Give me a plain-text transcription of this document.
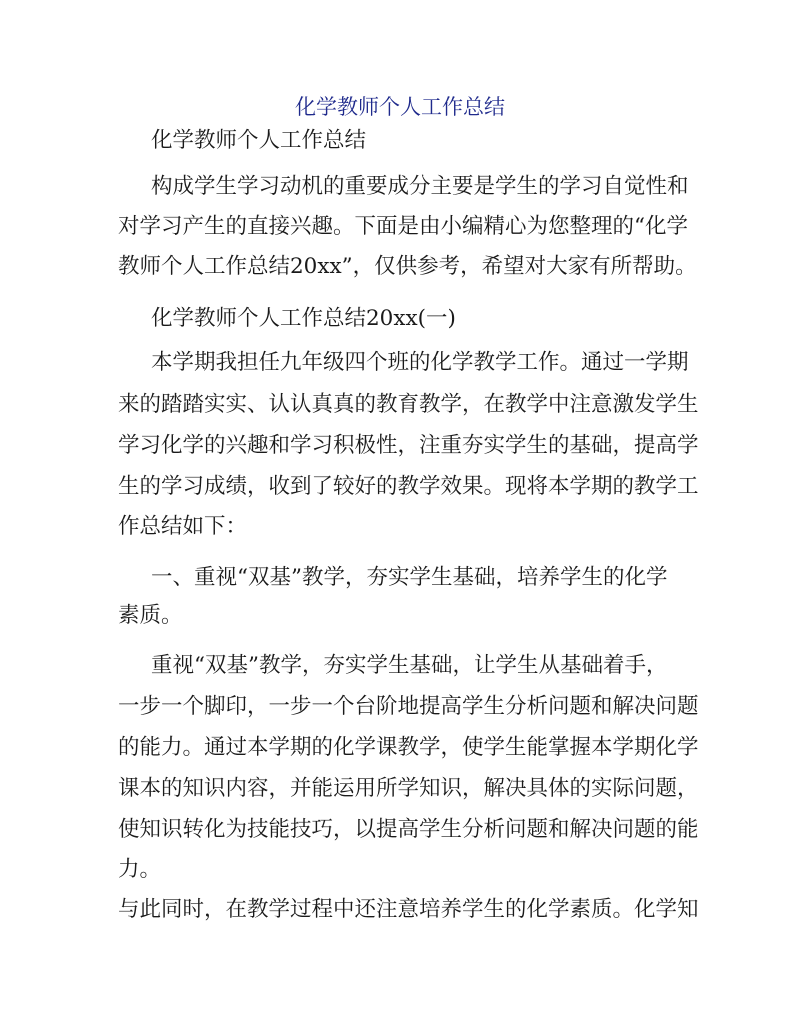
化学教师个人工作总结
化学教师个人工作总结
构成学生学习动机的重要成分主要是学生的学习自觉性和
对学习产生的直接兴趣。下面是由小编精心为您整理的“化学
教师个人工作总结20xx”，仅供参考，希望对大家有所帮助。
化学教师个人工作总结20xx(一)
本学期我担任九年级四个班的化学教学工作。通过一学期
来的踏踏实实、认认真真的教育教学，在教学中注意激发学生
学习化学的兴趣和学习积极性，注重夯实学生的基础，提高学
生的学习成绩，收到了较好的教学效果。现将本学期的教学工
作总结如下：
一、重视“双基”教学，夯实学生基础，培养学生的化学
素质。
重视“双基”教学，夯实学生基础，让学生从基础着手，
一步一个脚印，一步一个台阶地提高学生分析问题和解决问题
的能力。通过本学期的化学课教学，使学生能掌握本学期化学
课本的知识内容，并能运用所学知识，解决具体的实际问题，
使知识转化为技能技巧，以提高学生分析问题和解决问题的能
力。
与此同时，在教学过程中还注意培养学生的化学素质。化学知
